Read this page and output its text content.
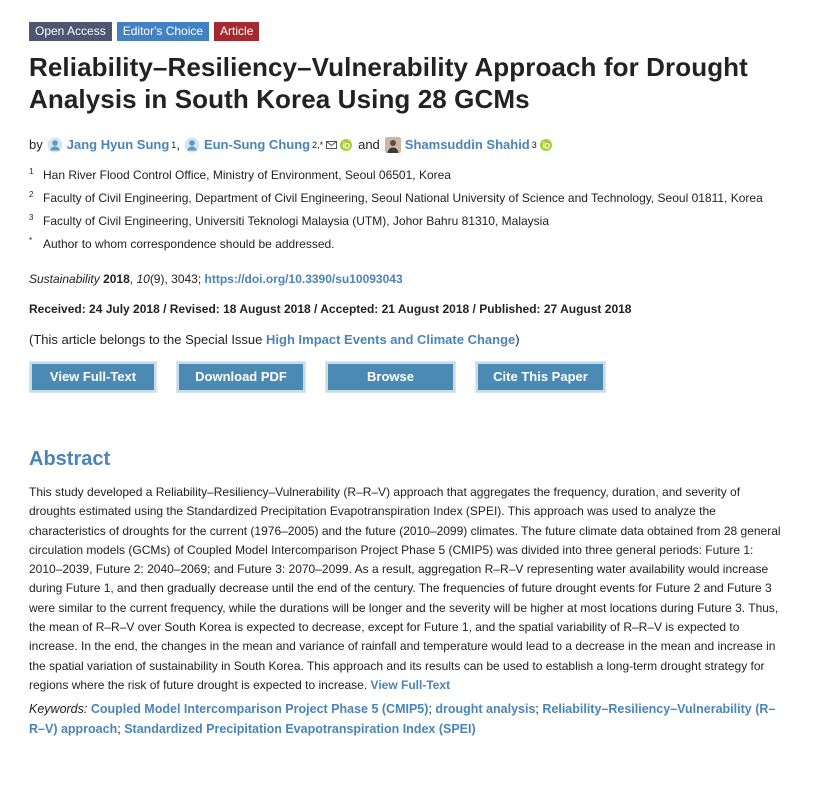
Open Access	Editor's Choice	Article
Reliability–Resiliency–Vulnerability Approach for Drought Analysis in South Korea Using 28 GCMs
by Jang Hyun Sung 1 , Eun-Sung Chung 2,*	and Shamsuddin Shahid 3
1 Han River Flood Control Office, Ministry of Environment, Seoul 06501, Korea
2 Faculty of Civil Engineering, Department of Civil Engineering, Seoul National University of Science and Technology, Seoul 01811, Korea
3 Faculty of Civil Engineering, Universiti Teknologi Malaysia (UTM), Johor Bahru 81310, Malaysia
* Author to whom correspondence should be addressed.
Sustainability 2018, 10(9), 3043; https://doi.org/10.3390/su10093043
Received: 24 July 2018 / Revised: 18 August 2018 / Accepted: 21 August 2018 / Published: 27 August 2018
(This article belongs to the Special Issue High Impact Events and Climate Change)
View Full-Text	Download PDF	Browse Figures
Cite This Paper
Abstract
This study developed a Reliability–Resiliency–Vulnerability (R–R–V) approach that aggregates the frequency, duration, and severity of droughts estimated using the Standardized Precipitation Evapotranspiration Index (SPEI). This approach was used to analyze the characteristics of droughts for the current (1976–2005) and the future (2010–2099) climates. The future climate data obtained from 28 general circulation models (GCMs) of Coupled Model Intercomparison Project Phase 5 (CMIP5) was divided into three general periods: Future 1: 2010–2039, Future 2: 2040–2069; and Future 3: 2070–2099. As a result, aggregation R–R–V representing water availability would increase during Future 1, and then gradually decrease until the end of the century. The frequencies of future drought events for Future 2 and Future 3 were similar to the current frequency, while the durations will be longer and the severity will be higher at most locations during Future 3. Thus, the mean of R–R–V over South Korea is expected to decrease, except for Future 1, and the spatial variability of R–R–V is expected to increase. In the end, the changes in the mean and variance of rainfall and temperature would lead to a decrease in the mean and increase in the spatial variation of sustainability in South Korea. This approach and its results can be used to establish a long-term drought strategy for regions where the risk of future drought is expected to increase. View Full-Text
Keywords: Coupled Model Intercomparison Project Phase 5 (CMIP5); drought analysis; Reliability–Resiliency–Vulnerability (R–R–V) approach; Standardized Precipitation Evapotranspiration Index (SPEI)
